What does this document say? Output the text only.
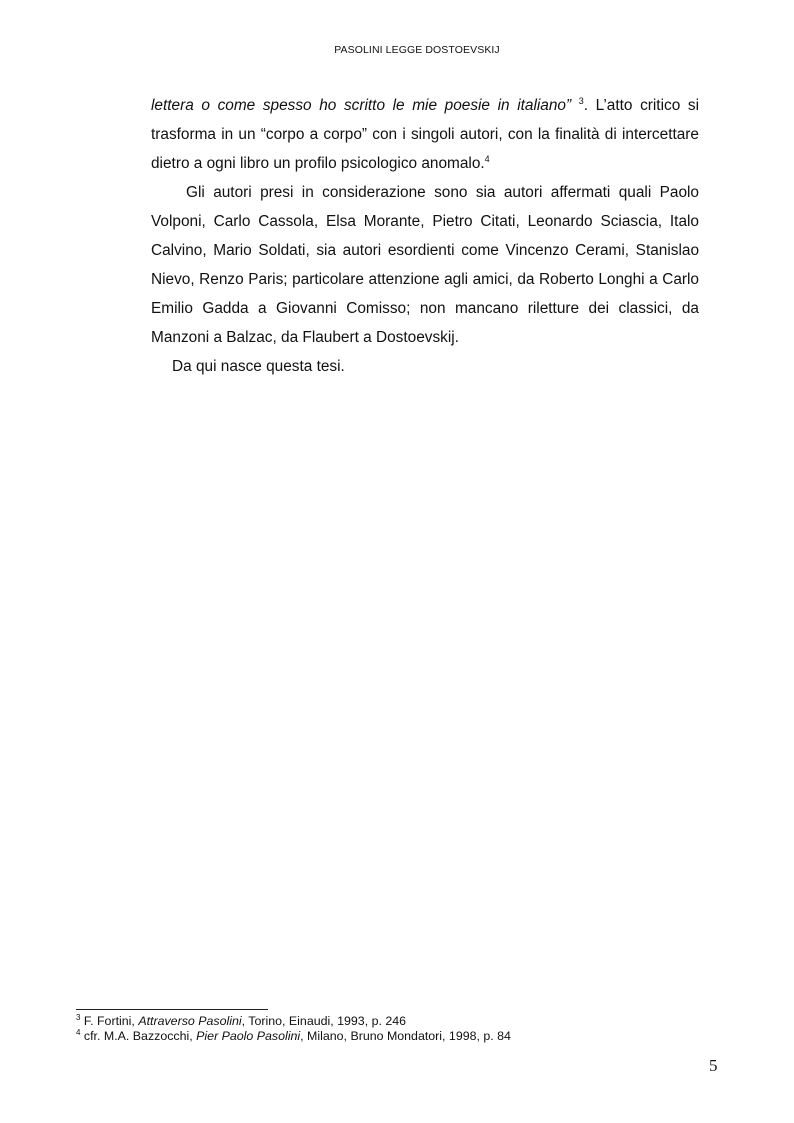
PASOLINI LEGGE DOSTOEVSKIJ

lettera o come spesso ho scritto le mie poesie in italiano” $^3$. L’atto critico si trasforma in un “corpo a corpo” con i singoli autori, con la finalità di intercettare dietro a ogni libro un profilo psicologico anomalo.$^4$

Gli autori presi in considerazione sono sia autori affermati quali Paolo Volponi, Carlo Cassola, Elsa Morante, Pietro Citati, Leonardo Sciascia, Italo Calvino, Mario Soldati, sia autori esordienti come Vincenzo Cerami, Stanislao Nievo, Renzo Paris; particolare attenzione agli amici, da Roberto Longhi a Carlo Emilio Gadda a Giovanni Comisso; non mancano riletture dei classici, da Manzoni a Balzac, da Flaubert a Dostoevskij.

Da qui nasce questa tesi.

$^3$ F. Fortini, Attraverso Pasolini, Torino, Einaudi, 1993, p. 246
$^4$ cfr. M.A. Bazzocchi, Pier Paolo Pasolini, Milano, Bruno Mondatori, 1998, p. 84
5
